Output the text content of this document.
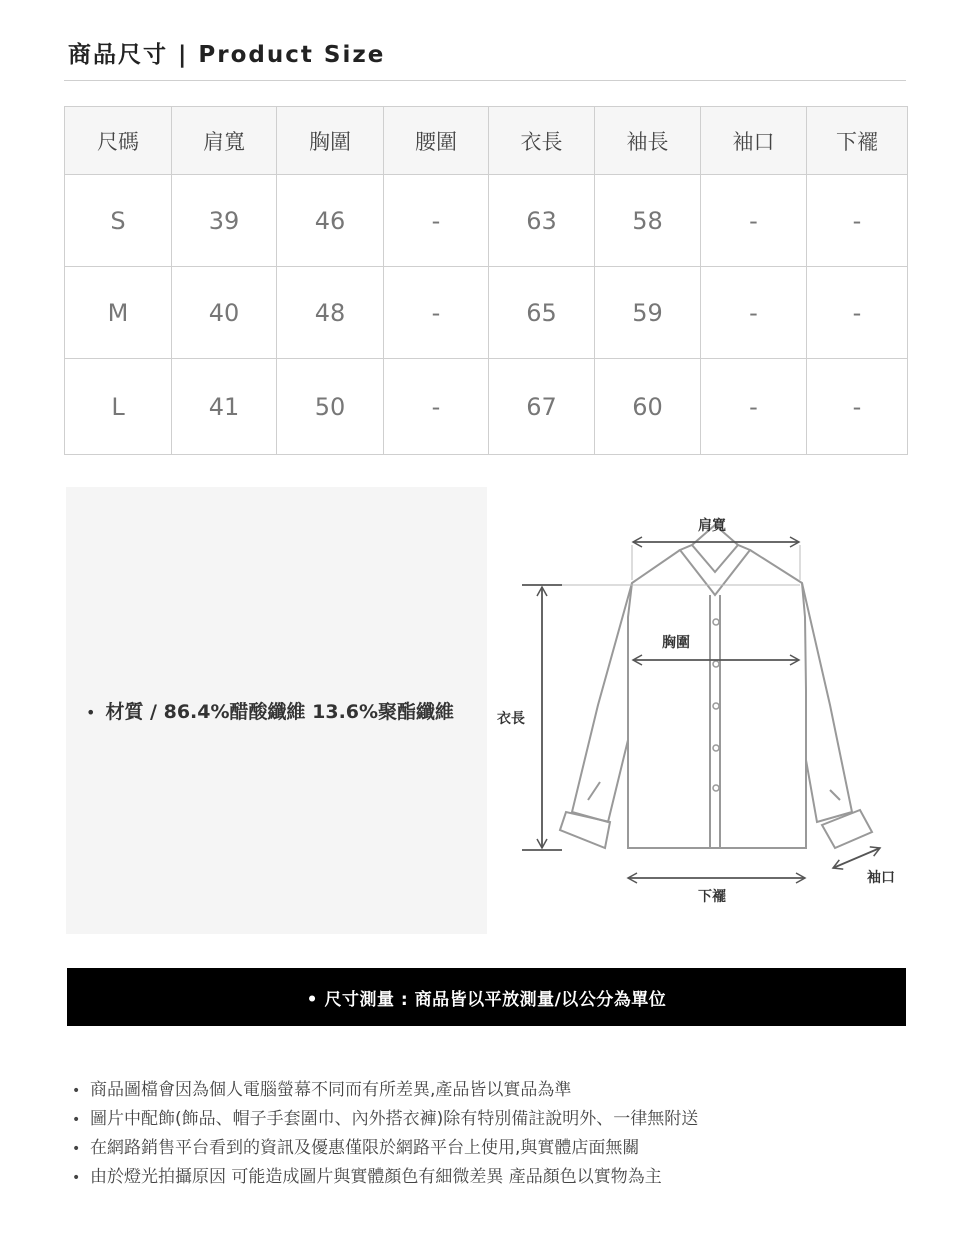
商品尺寸 | Product Size
尺碼	肩寬	胸圍	腰圍	衣長	袖長	袖口	下襬
S	39	46	-	63	58	-	-
M	40	48	-	65	59	-	-
L	41	50	-	67	60	-	-
• 材質 / 86.4%醋酸纖維 13.6%聚酯纖維
肩寬
胸圍
衣長
下襬
袖口
• 尺寸測量 : 商品皆以平放測量/以公分為單位
• 商品圖檔會因為個人電腦螢幕不同而有所差異,產品皆以實品為準
• 圖片中配飾(飾品、帽子手套圍巾、內外搭衣褲)除有特別備註說明外、一律無附送
• 在網路銷售平台看到的資訊及優惠僅限於網路平台上使用,與實體店面無關
• 由於燈光拍攝原因 可能造成圖片與實體顏色有細微差異 產品顏色以實物為主
